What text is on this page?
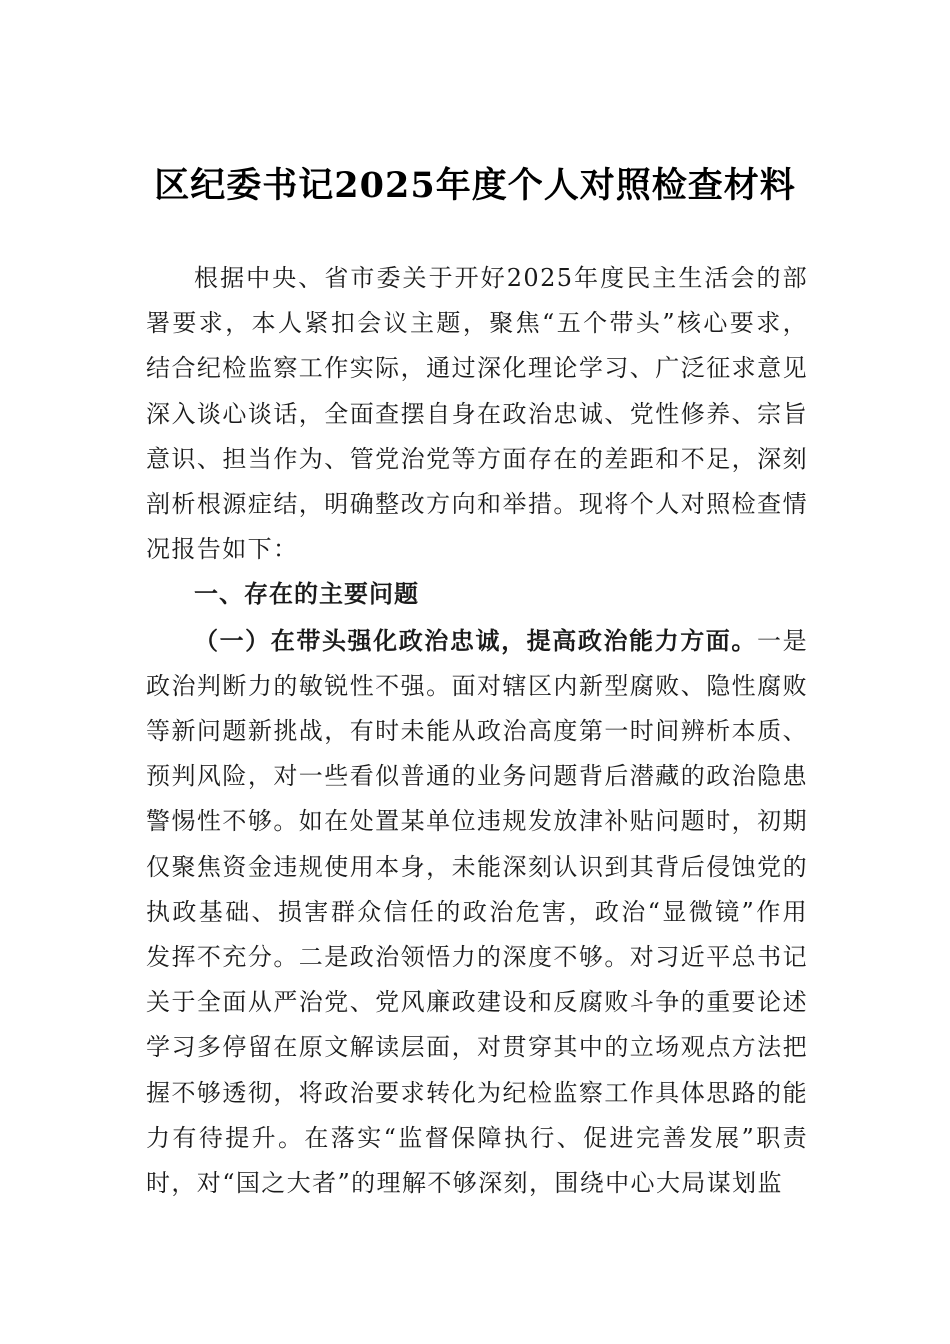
区纪委书记2025年度个人对照检查材料

根据中央、省市委关于开好2025年度民主生活会的部署要求，本人紧扣会议主题，聚焦“五个带头”核心要求，结合纪检监察工作实际，通过深化理论学习、广泛征求意见深入谈心谈话，全面查摆自身在政治忠诚、党性修养、宗旨意识、担当作为、管党治党等方面存在的差距和不足，深刻剖析根源症结，明确整改方向和举措。现将个人对照检查情况报告如下：

一、存在的主要问题

（一）在带头强化政治忠诚，提高政治能力方面。一是政治判断力的敏锐性不强。面对辖区内新型腐败、隐性腐败等新问题新挑战，有时未能从政治高度第一时间辨析本质、预判风险，对一些看似普通的业务问题背后潜藏的政治隐患警惕性不够。如在处置某单位违规发放津补贴问题时，初期仅聚焦资金违规使用本身，未能深刻认识到其背后侵蚀党的执政基础、损害群众信任的政治危害，政治“显微镜”作用发挥不充分。二是政治领悟力的深度不够。对习近平总书记关于全面从严治党、党风廉政建设和反腐败斗争的重要论述学习多停留在原文解读层面，对贯穿其中的立场观点方法把握不够透彻，将政治要求转化为纪检监察工作具体思路的能力有待提升。在落实“监督保障执行、促进完善发展”职责时，对“国之大者”的理解不够深刻，围绕中心大局谋划监
